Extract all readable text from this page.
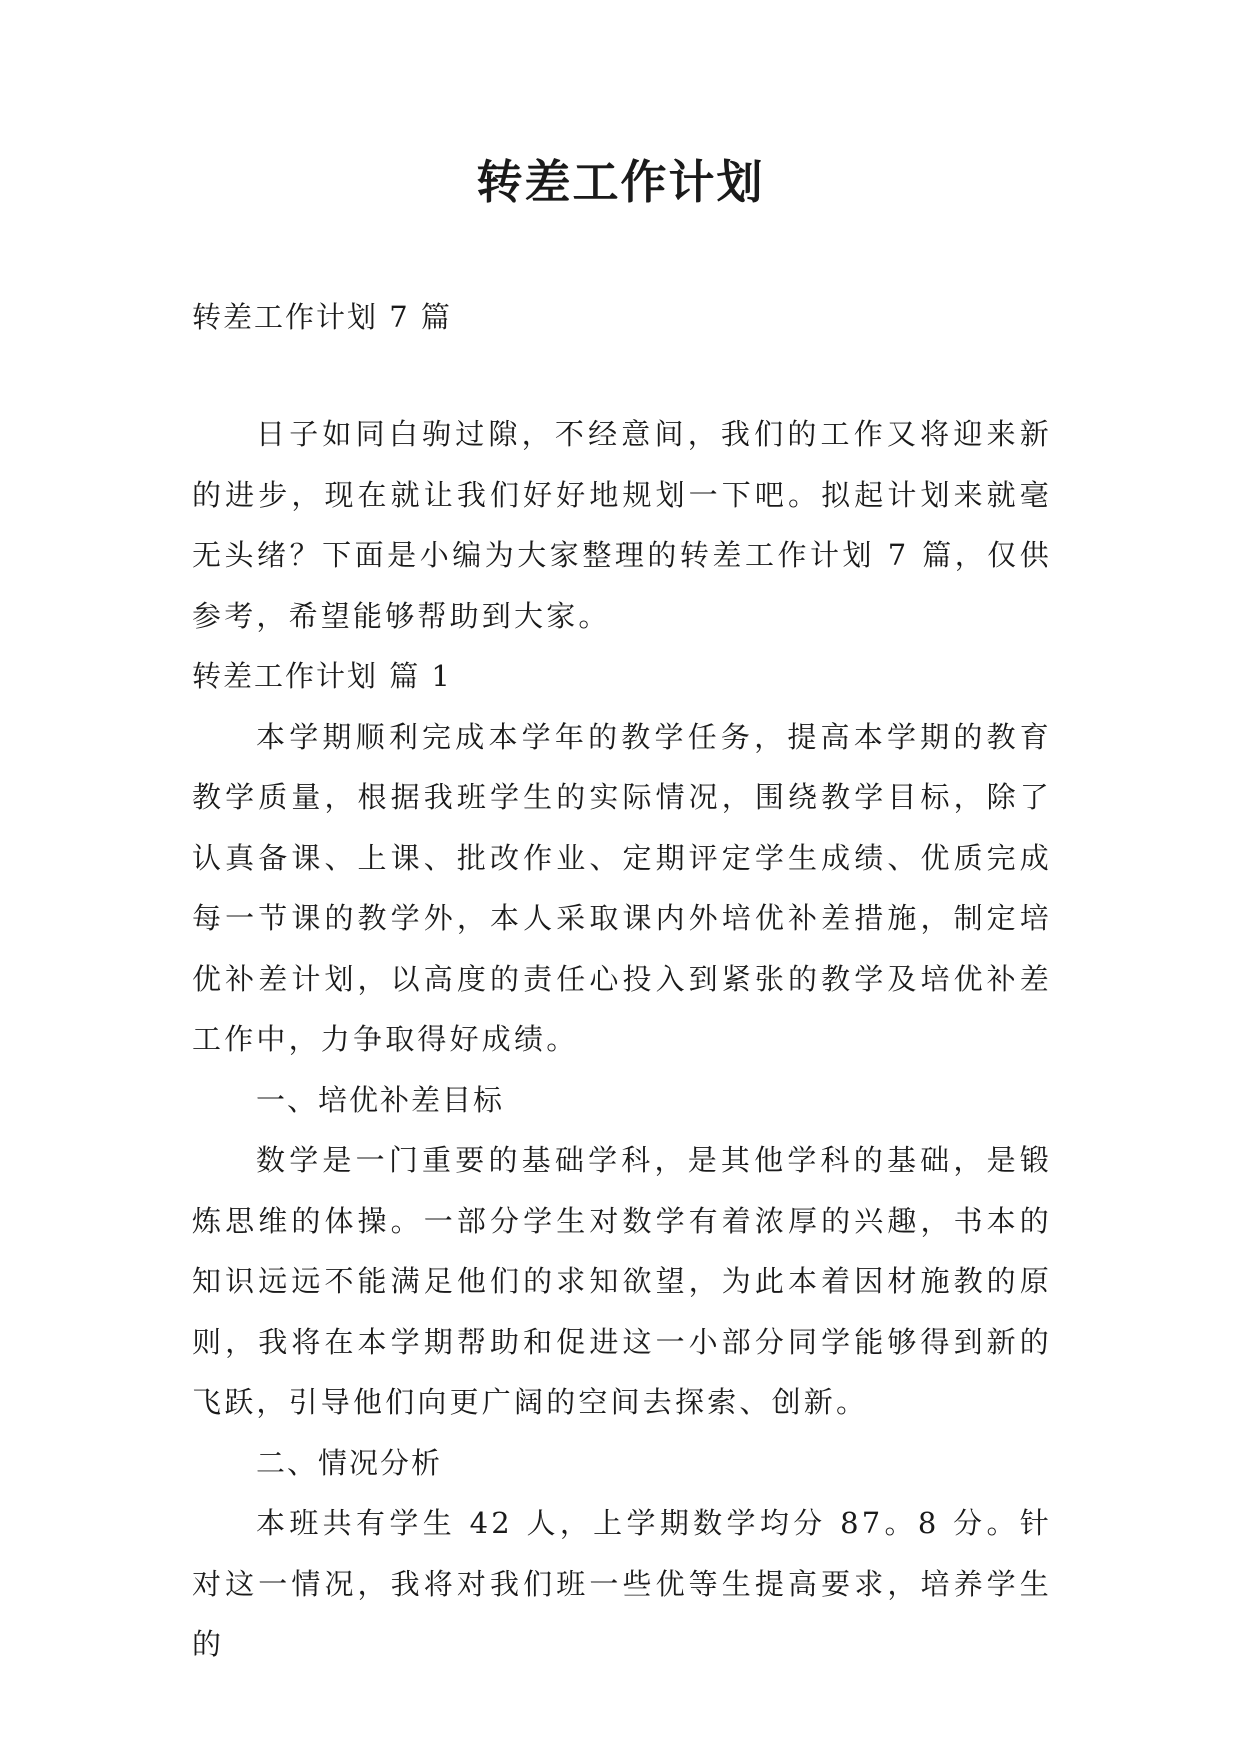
转差工作计划

转差工作计划 7 篇

日子如同白驹过隙，不经意间，我们的工作又将迎来新的进步，现在就让我们好好地规划一下吧。拟起计划来就毫无头绪？下面是小编为大家整理的转差工作计划 7 篇，仅供参考，希望能够帮助到大家。

转差工作计划 篇 1

本学期顺利完成本学年的教学任务，提高本学期的教育教学质量，根据我班学生的实际情况，围绕教学目标，除了认真备课、上课、批改作业、定期评定学生成绩、优质完成每一节课的教学外，本人采取课内外培优补差措施，制定培优补差计划，以高度的责任心投入到紧张的教学及培优补差工作中，力争取得好成绩。

一、培优补差目标

数学是一门重要的基础学科，是其他学科的基础，是锻炼思维的体操。一部分学生对数学有着浓厚的兴趣，书本的知识远远不能满足他们的求知欲望，为此本着因材施教的原则，我将在本学期帮助和促进这一小部分同学能够得到新的飞跃，引导他们向更广阔的空间去探索、创新。

二、情况分析

本班共有学生 42 人，上学期数学均分 87。8 分。针对这一情况，我将对我们班一些优等生提高要求，培养学生的
